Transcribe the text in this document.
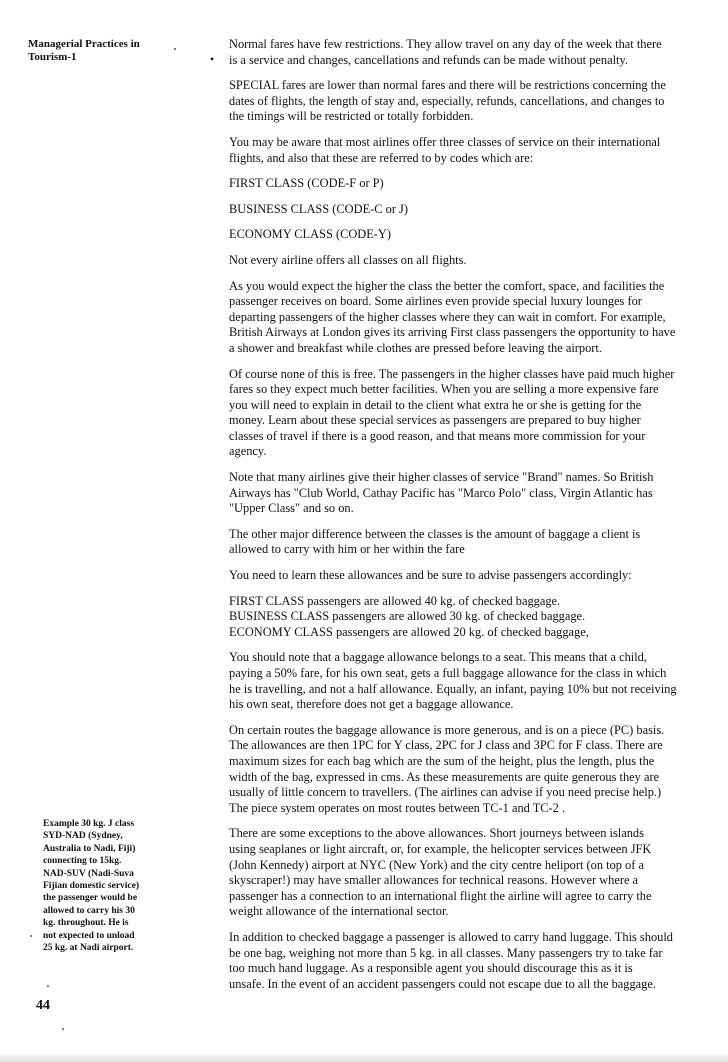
Managerial Practices in
Tourism-1	•
Normal fares have few restrictions. They allow travel on any day of the week that there
is a service and changes, cancellations and refunds can be made without penalty.
SPECIAL fares are lower than normal fares and there will be restrictions concerning the
dates of flights, the length of stay and, especially, refunds, cancellations, and changes to
the timings will be restricted or totally forbidden.
You may be aware that most airlines offer three classes of service on their international
flights, and also that these are referred to by codes which are:
FIRST CLASS (CODE-F or P)
BUSINESS CLASS (CODE-C or J)
ECONOMY CLASS (CODE-Y)
Not every airline offers all classes on all flights.
As you would expect the higher the class the better the comfort, space, and facilities the
passenger receives on board. Some airlines even provide special luxury lounges for
departing passengers of the higher classes where they can wait in comfort. For example,
British Airways at London gives its arriving First class passengers the opportunity to have
a shower and breakfast while clothes are pressed before leaving the airport.
Of course none of this is free. The passengers in the higher classes have paid much higher
fares so they expect much better facilities. When you are selling a more expensive fare
you will need to explain in detail to the client what extra he or she is getting for the
money. Learn about these special services as passengers are prepared to buy higher
classes of travel if there is a good reason, and that means more commission for your
agency.
Note that many airlines give their higher classes of service "Brand" names. So British
Airways has "Club World, Cathay Pacific has "Marco Polo" class, Virgin Atlantic has
"Upper Class" and so on.
The other major difference between the classes is the amount of baggage a client is
allowed to carry with him or her within the fare
You need to learn these allowances and be sure to advise passengers accordingly:
FIRST CLASS passengers are allowed 40 kg. of checked baggage.
BUSINESS CLASS passengers are allowed 30 kg. of checked baggage.
ECONOMY CLASS passengers are allowed 20 kg. of checked baggage,
You should note that a baggage allowance belongs to a seat. This means that a child,
paying a 50% fare, for his own seat, gets a full baggage allowance for the class in which
he is travelling, and not a half allowance. Equally, an infant, paying 10% but not receiving
his own seat, therefore does not get a baggage allowance.
On certain routes the baggage allowance is more generous, and is on a piece (PC) basis.
The allowances are then 1PC for Y class, 2PC for J class and 3PC for F class. There are
maximum sizes for each bag which are the sum of the height, plus the length, plus the
width of the bag, expressed in cms. As these measurements are quite generous they are
usually of little concern to travellers. (The airlines can advise if you need precise help.)
The piece system operates on most routes between TC-1 and TC-2 .
There are some exceptions to the above allowances. Short journeys between islands
using seaplanes or light aircraft, or, for example, the helicopter services between JFK
(John Kennedy) airport at NYC (New York) and the city centre heliport (on top of a
skyscraper!) may have smaller allowances for technical reasons. However where a
passenger has a connection to an international flight the airline will agree to carry the
weight allowance of the international sector.
In addition to checked baggage a passenger is allowed to carry hand luggage. This should
be one bag, weighing not more than 5 kg. in all classes. Many passengers try to take far
too much hand luggage. As a responsible agent you should discourage this as it is
unsafe. In the event of an accident passengers could not escape due to all the baggage.
Example 30 kg. J class
SYD-NAD (Sydney,
Australia to Nadi, Fiji)
connecting to 15kg.
NAD-SUV (Nadi-Suva
Fijian domestic service)
the passenger would be
allowed to carry his 30
kg. throughout. He is
not expected to unload
25 kg. at Nadi airport.
44
